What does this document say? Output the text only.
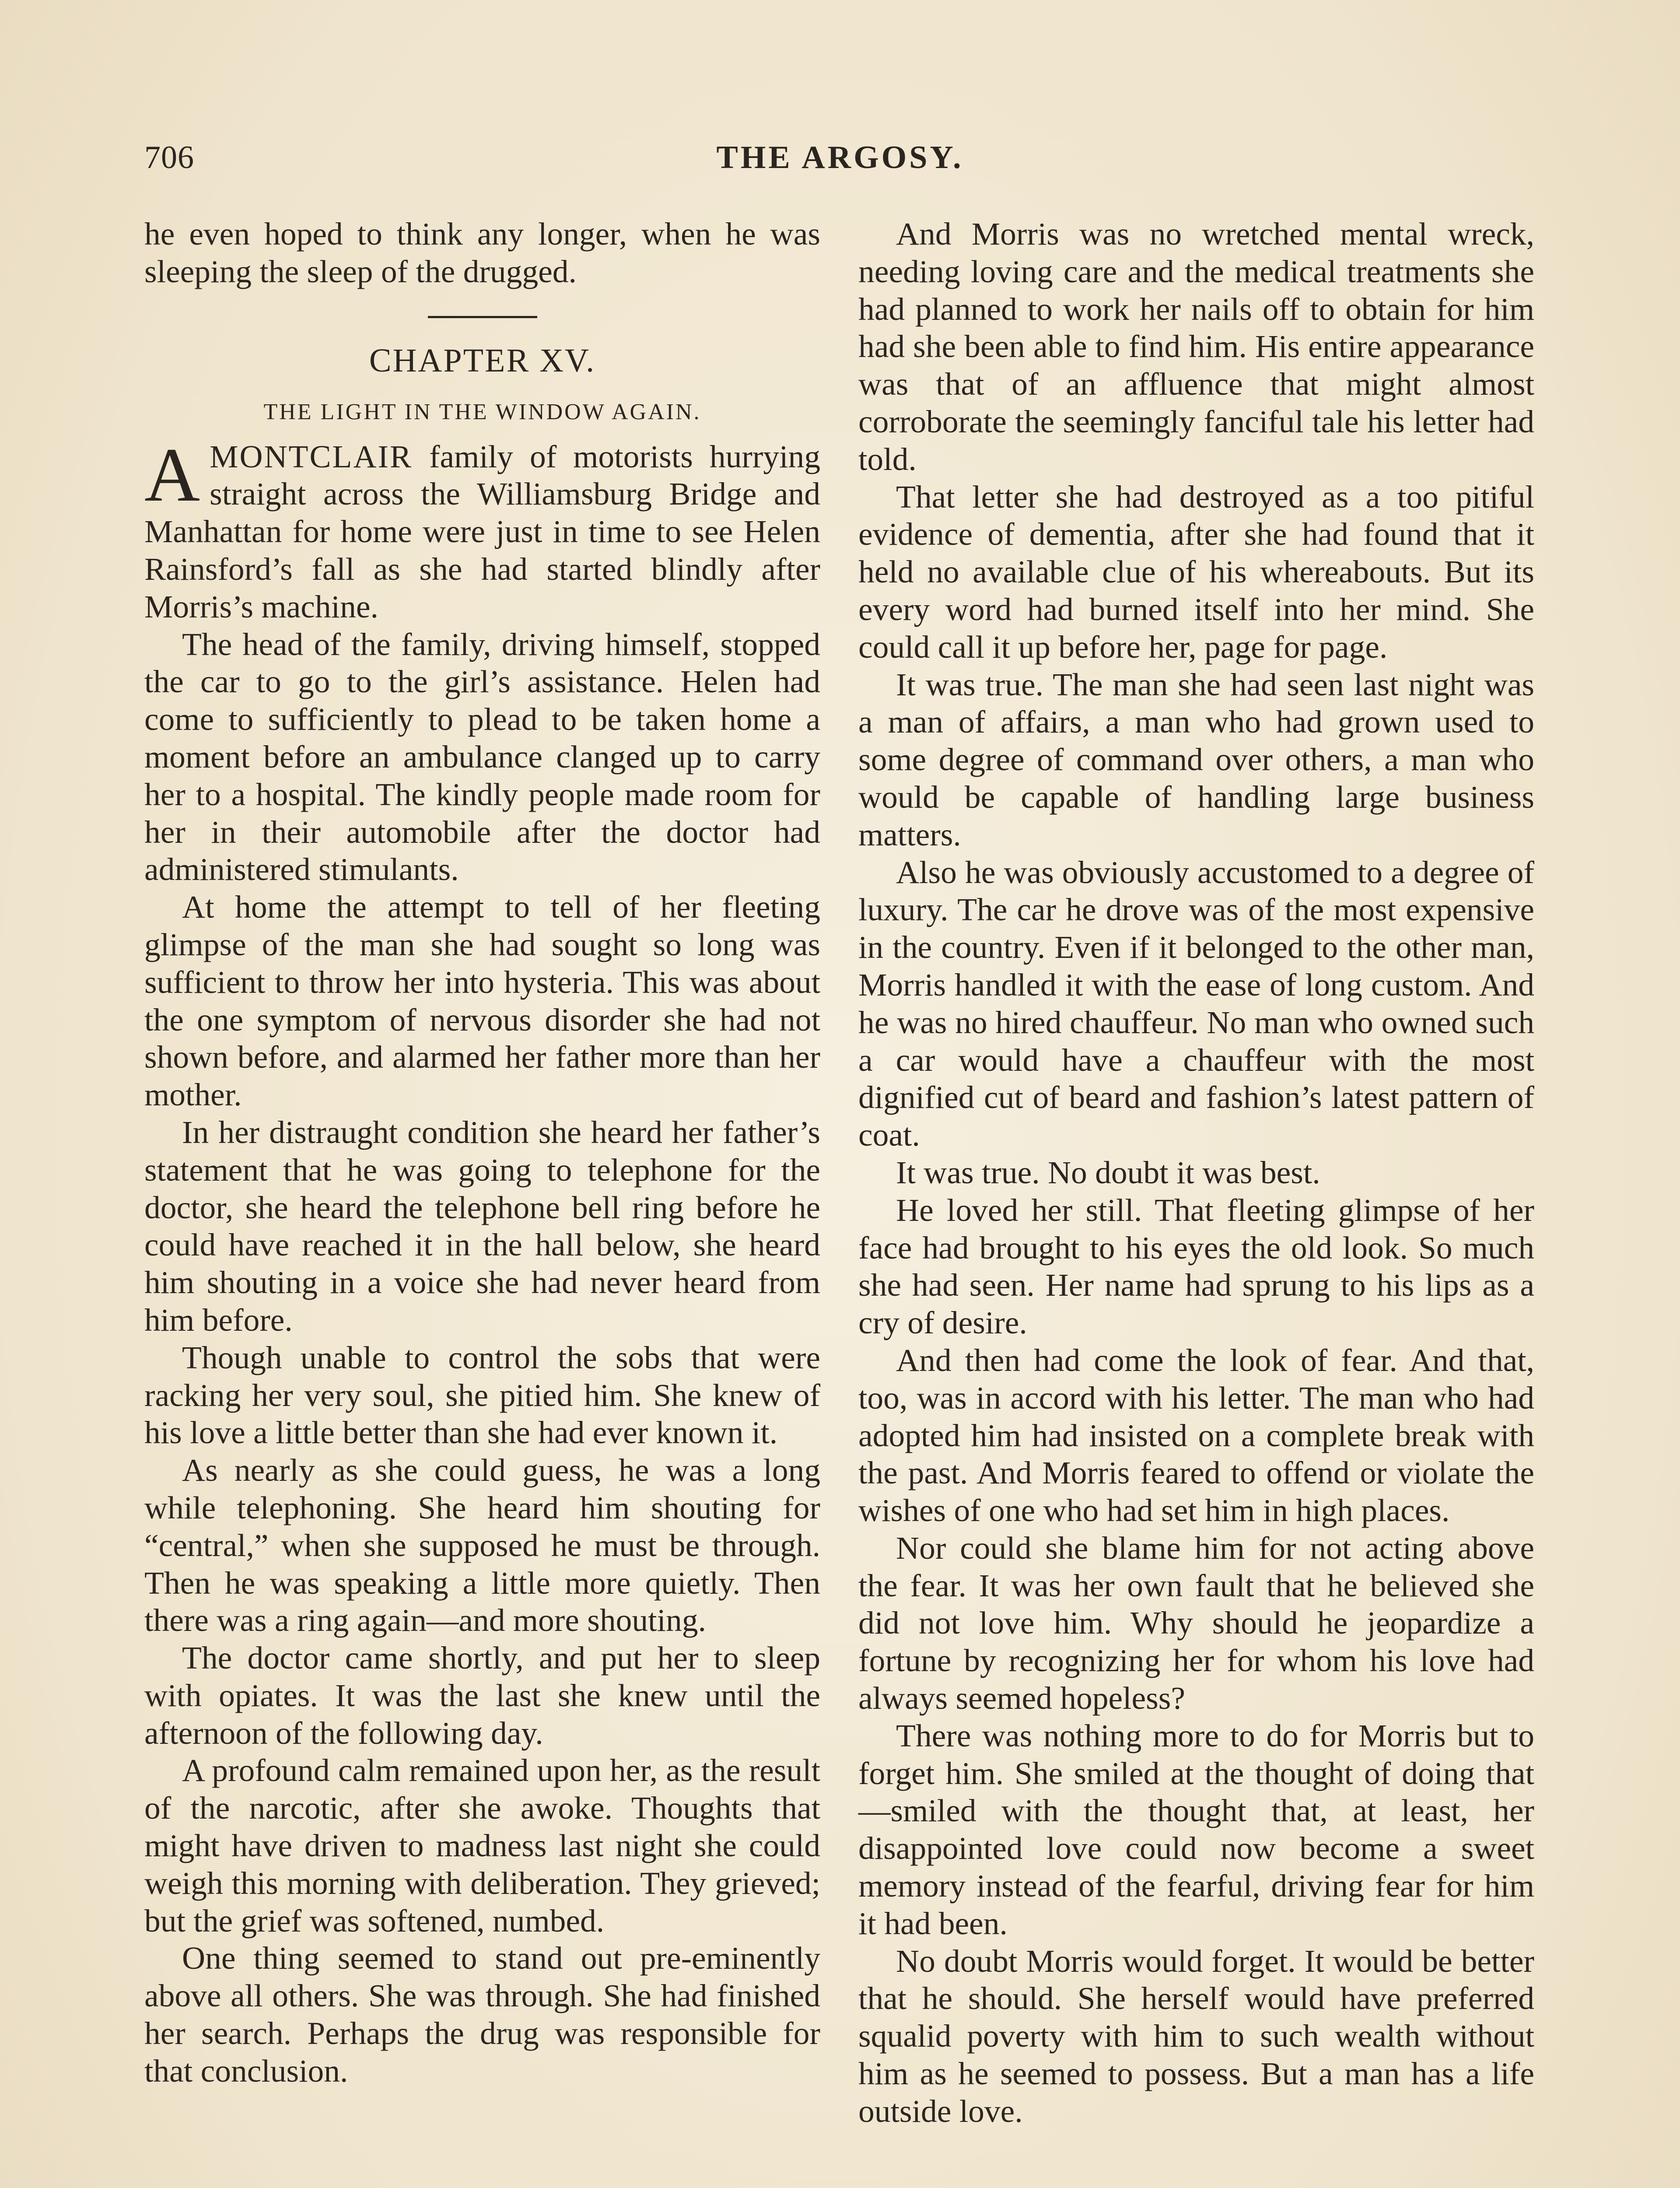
706	THE ARGOSY.

he even hoped to think any longer, when he was sleeping the sleep of the drugged.

CHAPTER XV.
THE LIGHT IN THE WINDOW AGAIN.

AMONTCLAIR family of motorists hurrying straight across the Williamsburg Bridge and Manhattan for home were just in time to see Helen Rainsford’s fall as she had started blindly after Morris’s machine.

The head of the family, driving himself, stopped the car to go to the girl’s assistance. Helen had come to sufficiently to plead to be taken home a moment before an ambulance clanged up to carry her to a hospital. The kindly people made room for her in their automobile after the doctor had administered stimulants.

At home the attempt to tell of her fleeting glimpse of the man she had sought so long was sufficient to throw her into hysteria. This was about the one symptom of nervous disorder she had not shown before, and alarmed her father more than her mother.

In her distraught condition she heard her father’s statement that he was going to telephone for the doctor, she heard the telephone bell ring before he could have reached it in the hall below, she heard him shouting in a voice she had never heard from him before.

Though unable to control the sobs that were racking her very soul, she pitied him. She knew of his love a little better than she had ever known it.

As nearly as she could guess, he was a long while telephoning. She heard him shouting for “central,” when she supposed he must be through. Then he was speaking a little more quietly. Then there was a ring again—and more shouting.

The doctor came shortly, and put her to sleep with opiates. It was the last she knew until the afternoon of the following day.

A profound calm remained upon her, as the result of the narcotic, after she awoke. Thoughts that might have driven to madness last night she could weigh this morning with deliberation. They grieved; but the grief was softened, numbed.

One thing seemed to stand out pre-eminently above all others. She was through. She had finished her search. Perhaps the drug was responsible for that conclusion.

And Morris was no wretched mental wreck, needing loving care and the medical treatments she had planned to work her nails off to obtain for him had she been able to find him. His entire appearance was that of an affluence that might almost corroborate the seemingly fanciful tale his letter had told.

That letter she had destroyed as a too pitiful evidence of dementia, after she had found that it held no available clue of his whereabouts. But its every word had burned itself into her mind. She could call it up before her, page for page.

It was true. The man she had seen last night was a man of affairs, a man who had grown used to some degree of command over others, a man who would be capable of handling large business matters.

Also he was obviously accustomed to a degree of luxury. The car he drove was of the most expensive in the country. Even if it belonged to the other man, Morris handled it with the ease of long custom. And he was no hired chauffeur. No man who owned such a car would have a chauffeur with the most dignified cut of beard and fashion’s latest pattern of coat.

It was true. No doubt it was best.

He loved her still. That fleeting glimpse of her face had brought to his eyes the old look. So much she had seen. Her name had sprung to his lips as a cry of desire.

And then had come the look of fear. And that, too, was in accord with his letter. The man who had adopted him had insisted on a complete break with the past. And Morris feared to offend or violate the wishes of one who had set him in high places.

Nor could she blame him for not acting above the fear. It was her own fault that he believed she did not love him. Why should he jeopardize a fortune by recognizing her for whom his love had always seemed hopeless?

There was nothing more to do for Morris but to forget him. She smiled at the thought of doing that—smiled with the thought that, at least, her disappointed love could now become a sweet memory instead of the fearful, driving fear for him it had been.

No doubt Morris would forget. It would be better that he should. She herself would have preferred squalid poverty with him to such wealth without him as he seemed to possess. But a man has a life outside love.
